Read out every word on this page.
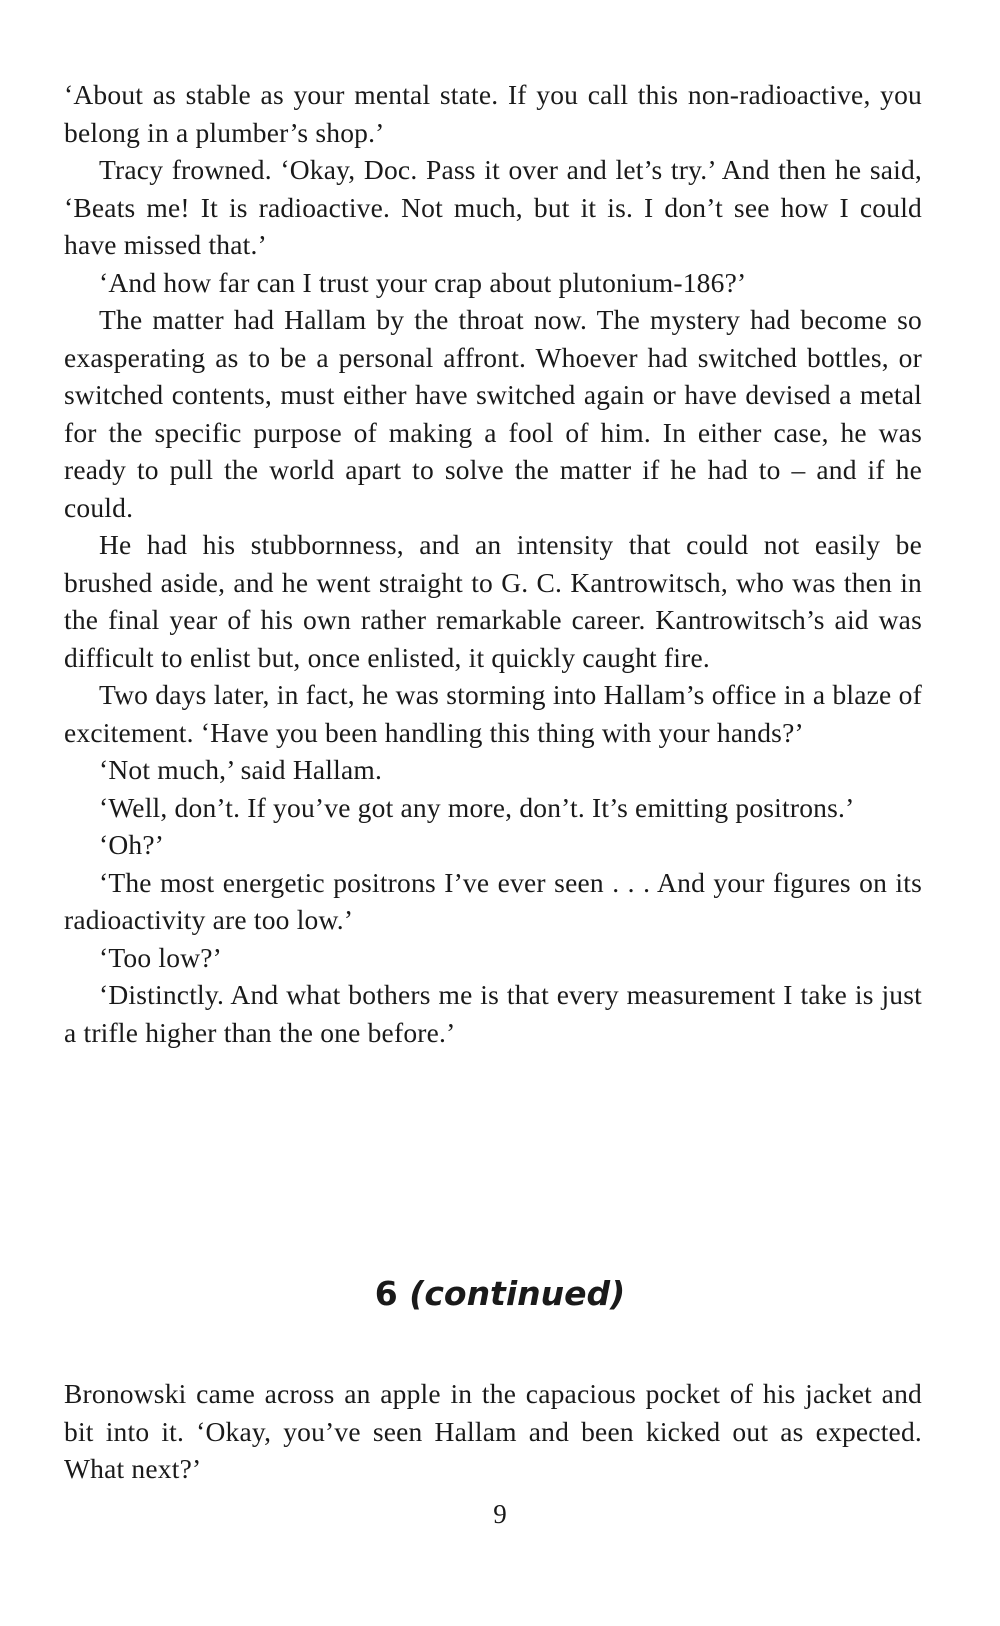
‘About as stable as your mental state. If you call this non-radioactive, you belong in a plumber’s shop.’

Tracy frowned. ‘Okay, Doc. Pass it over and let’s try.’ And then he said, ‘Beats me! It is radioactive. Not much, but it is. I don’t see how I could have missed that.’

‘And how far can I trust your crap about plutonium-186?’

The matter had Hallam by the throat now. The mystery had become so exasperating as to be a personal affront. Whoever had switched bottles, or switched contents, must either have switched again or have devised a metal for the specific purpose of making a fool of him. In either case, he was ready to pull the world apart to solve the matter if he had to – and if he could.

He had his stubbornness, and an intensity that could not easily be brushed aside, and he went straight to G. C. Kantrowitsch, who was then in the final year of his own rather remarkable career. Kantrowitsch’s aid was difficult to enlist but, once enlisted, it quickly caught fire.

Two days later, in fact, he was storming into Hallam’s office in a blaze of excitement. ‘Have you been handling this thing with your hands?’

‘Not much,’ said Hallam.

‘Well, don’t. If you’ve got any more, don’t. It’s emitting positrons.’

‘Oh?’

‘The most energetic positrons I’ve ever seen . . . And your figures on its radioactivity are too low.’

‘Too low?’

‘Distinctly. And what bothers me is that every measurement I take is just a trifle higher than the one before.’

6 (continued)

Bronowski came across an apple in the capacious pocket of his jacket and bit into it. ‘Okay, you’ve seen Hallam and been kicked out as expected. What next?’

9
